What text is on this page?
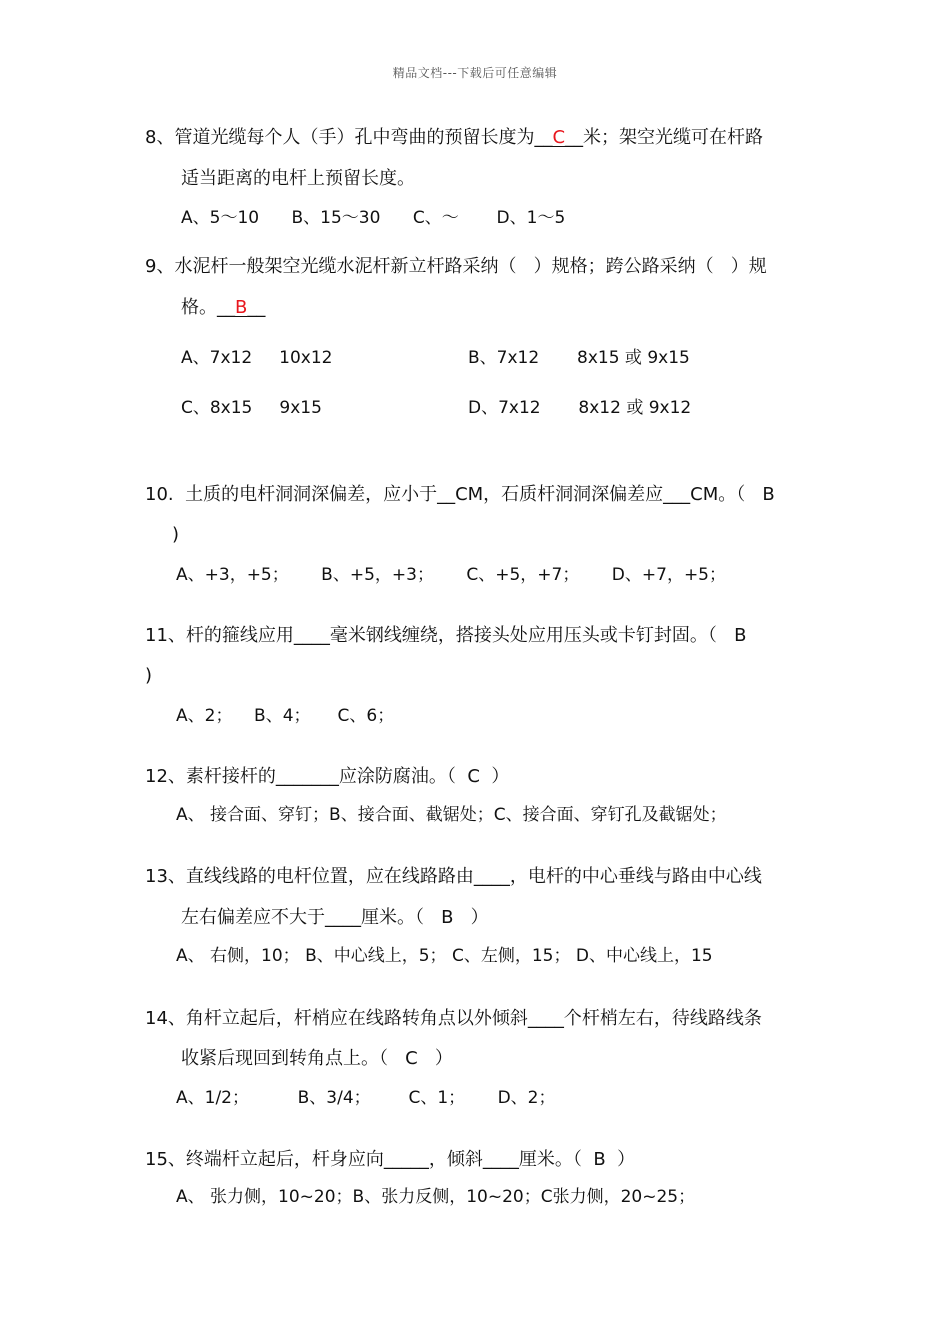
精品文档---下载后可任意编辑
8、管道光缆每个人（手）孔中弯曲的预留长度为__C__米；架空光缆可在杆路
适当距离的电杆上预留长度。
A、5～10      B、15～30      C、～       D、1～5
9、水泥杆一般架空光缆水泥杆新立杆路采纳（   ）规格；跨公路采纳（   ）规
格。__B__
A、7x12     10x12	B、7x12       8x15 或 9x15
C、8x15     9x15	D、7x12       8x12 或 9x12
10.  土质的电杆洞洞深偏差，应小于__CM，石质杆洞洞深偏差应___CM。（   B
)
A、+3，+5；      B、+5，+3；      C、+5，+7；      D、+7，+5；
11、杆的箍线应用____毫米钢线缠绕，搭接头处应用压头或卡钉封固。（   B
)
A、2；    B、4；     C、6；
12、素杆接杆的_______应涂防腐油。（  C  ）
A、 接合面、穿钉；B、接合面、截锯处；C、接合面、穿钉孔及截锯处；
13、直线线路的电杆位置，应在线路路由____，电杆的中心垂线与路由中心线
左右偏差应不大于____厘米。（   B   ）
A、 右侧，10； B、中心线上，5； C、左侧，15； D、中心线上，15
14、角杆立起后，杆梢应在线路转角点以外倾斜____个杆梢左右，待线路线条
收紧后现回到转角点上。（   C   ）
A、1/2；         B、3/4；       C、1；      D、2；
15、终端杆立起后，杆身应向_____，倾斜____厘米。（  B  ）
A、 张力侧，10~20；B、张力反侧，10~20；C张力侧，20~25；
